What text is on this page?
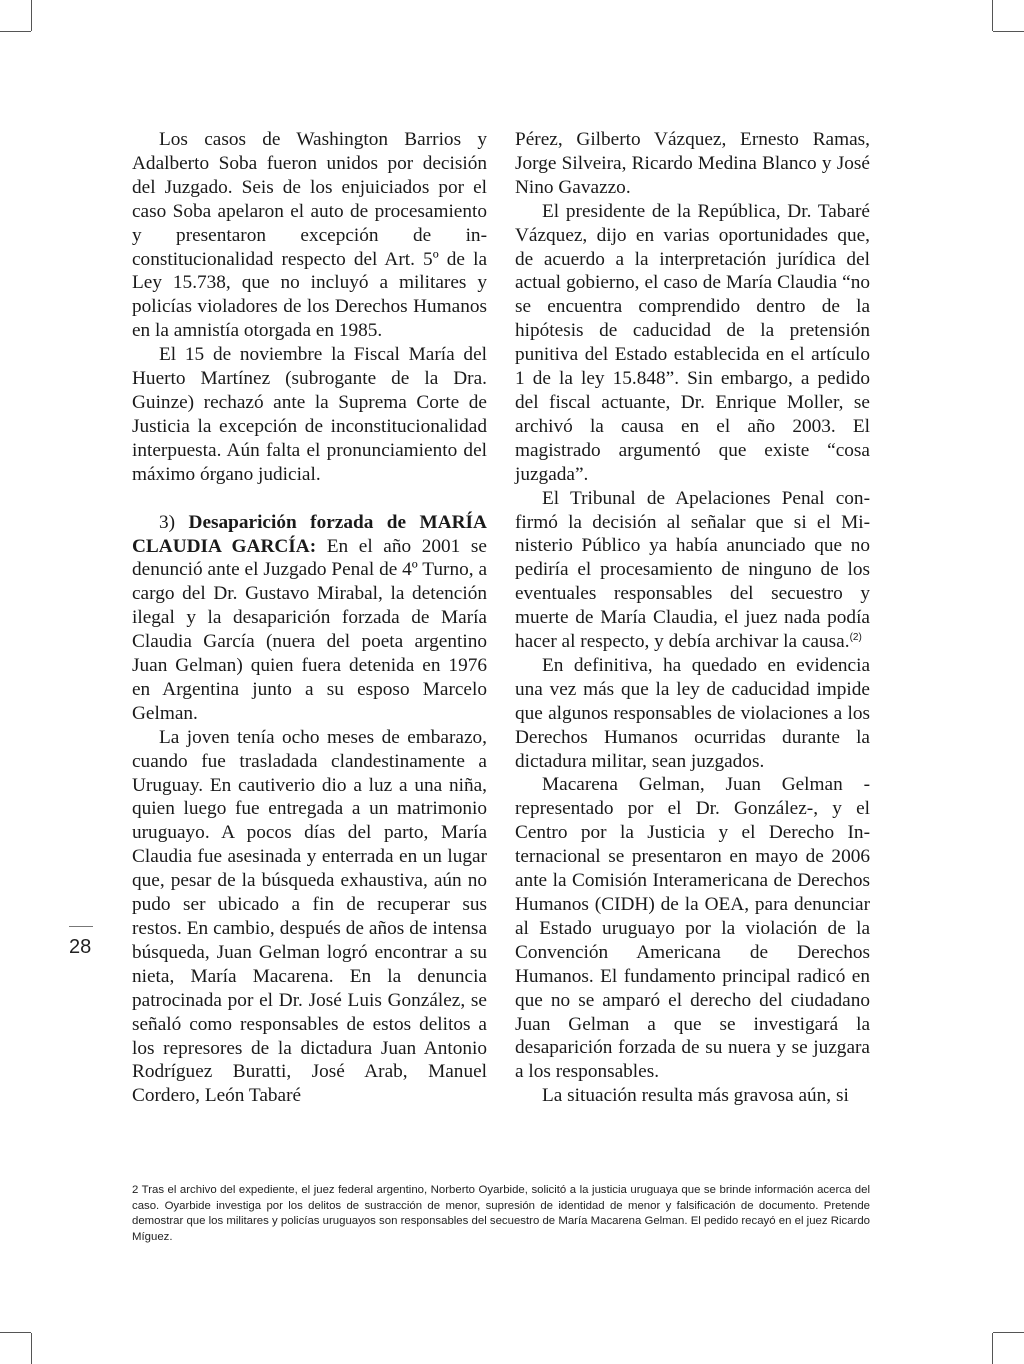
Los casos de Washington Barrios y Adalberto Soba fueron unidos por decisión del Juzgado. Seis de los enjuiciados por el caso Soba apelaron el auto de procesamiento y presentaron excepción de inconstitucionalidad respecto del Art. 5º de la Ley 15.738, que no incluyó a militares y policías violadores de los Derechos Humanos en la amnistía otorgada en 1985.

El 15 de noviembre la Fiscal María del Huerto Martínez (subrogante de la Dra. Guinze) rechazó ante la Suprema Corte de Justicia la excepción de inconstitucionalidad interpuesta. Aún falta el pronunciamiento del máximo órgano judicial.

3) Desaparición forzada de MARÍA CLAUDIA GARCÍA: En el año 2001 se denunció ante el Juzgado Penal de 4º Turno, a cargo del Dr. Gustavo Mirabal, la detención ilegal y la desaparición forzada de María Claudia García (nuera del poeta argentino Juan Gelman) quien fuera detenida en 1976 en Argentina junto a su esposo Marcelo Gelman.

La joven tenía ocho meses de embarazo, cuando fue trasladada clandestinamente a Uruguay. En cautiverio dio a luz a una niña, quien luego fue entregada a un matrimonio uruguayo. A pocos días del parto, María Claudia fue asesinada y enterrada en un lugar que, pesar de la búsqueda exhaustiva, aún no pudo ser ubicado a fin de recuperar sus restos. En cambio, después de años de intensa búsqueda, Juan Gelman logró encontrar a su nieta, María Macarena. En la denuncia patrocinada por el Dr. José Luis González, se señaló como responsables de estos delitos a los represores de la dictadura Juan Antonio Rodríguez Buratti, José Arab, Manuel Cordero, León Tabaré

Pérez, Gilberto Vázquez, Ernesto Ramas, Jorge Silveira, Ricardo Medina Blanco y José Nino Gavazzo.

El presidente de la República, Dr. Tabaré Vázquez, dijo en varias oportunidades que, de acuerdo a la interpretación jurídica del actual gobierno, el caso de María Claudia “no se encuentra comprendido dentro de la hipótesis de caducidad de la pretensión punitiva del Estado establecida en el artículo 1 de la ley 15.848”. Sin embargo, a pedido del fiscal actuante, Dr. Enrique Moller, se archivó la causa en el año 2003. El magistrado argumentó que existe “cosa juzgada”.

El Tribunal de Apelaciones Penal confirmó la decisión al señalar que si el Ministerio Público ya había anunciado que no pediría el procesamiento de ninguno de los eventuales responsables del secuestro y muerte de María Claudia, el juez nada podía hacer al respecto, y debía archivar la causa.$^{(2)}$

En definitiva, ha quedado en evidencia una vez más que la ley de caducidad impide que algunos responsables de violaciones a los Derechos Humanos ocurridas durante la dictadura militar, sean juzgados.

Macarena Gelman, Juan Gelman -representado por el Dr. González-, y el Centro por la Justicia y el Derecho Internacional se presentaron en mayo de 2006 ante la Comisión Interamericana de Derechos Humanos (CIDH) de la OEA, para denunciar al Estado uruguayo por la violación de la Convención Americana de Derechos Humanos. El fundamento principal radicó en que no se amparó el derecho del ciudadano Juan Gelman a que se investigará la desaparición forzada de su nuera y se juzgara a los responsables.

La situación resulta más gravosa aún, si

28
2 Tras el archivo del expediente, el juez federal argentino, Norberto Oyarbide, solicitó a la justicia uruguaya que se brinde información acerca del caso. Oyarbide investiga por los delitos de sustracción de menor, supresión de identidad de menor y falsificación de documento. Pretende demostrar que los militares y policías uruguayos son responsables del secuestro de María Macarena Gelman. El pedido recayó en el juez Ricardo Míguez.
